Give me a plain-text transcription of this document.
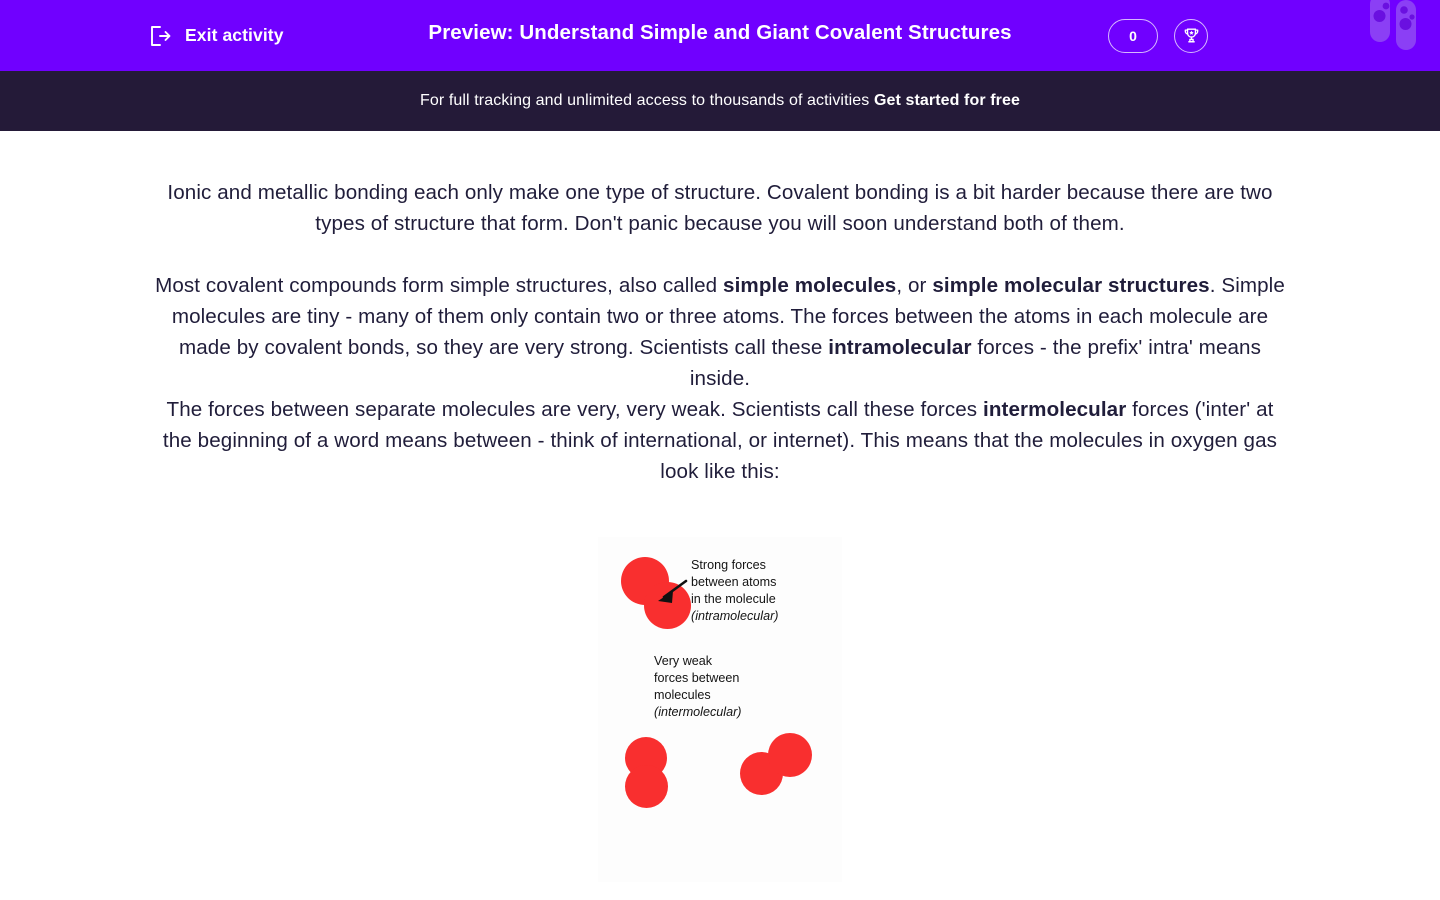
Exit activity	Preview: Understand Simple and Giant Covalent Structures	0
For full tracking and unlimited access to thousands of activities Get started for free

Ionic and metallic bonding each only make one type of structure. Covalent bonding is a bit harder because there are two types of structure that form. Don't panic because you will soon understand both of them.

Most covalent compounds form simple structures, also called simple molecules, or simple molecular structures. Simple molecules are tiny - many of them only contain two or three atoms. The forces between the atoms in each molecule are made by covalent bonds, so they are very strong. Scientists call these intramolecular forces - the prefix' intra' means inside.

The forces between separate molecules are very, very weak. Scientists call these forces intermolecular forces ('inter' at the beginning of a word means between - think of international, or internet). This means that the molecules in oxygen gas look like this:

Strong forces
between atoms
in the molecule
(intramolecular)
Very weak
forces between
molecules
(intermolecular)
